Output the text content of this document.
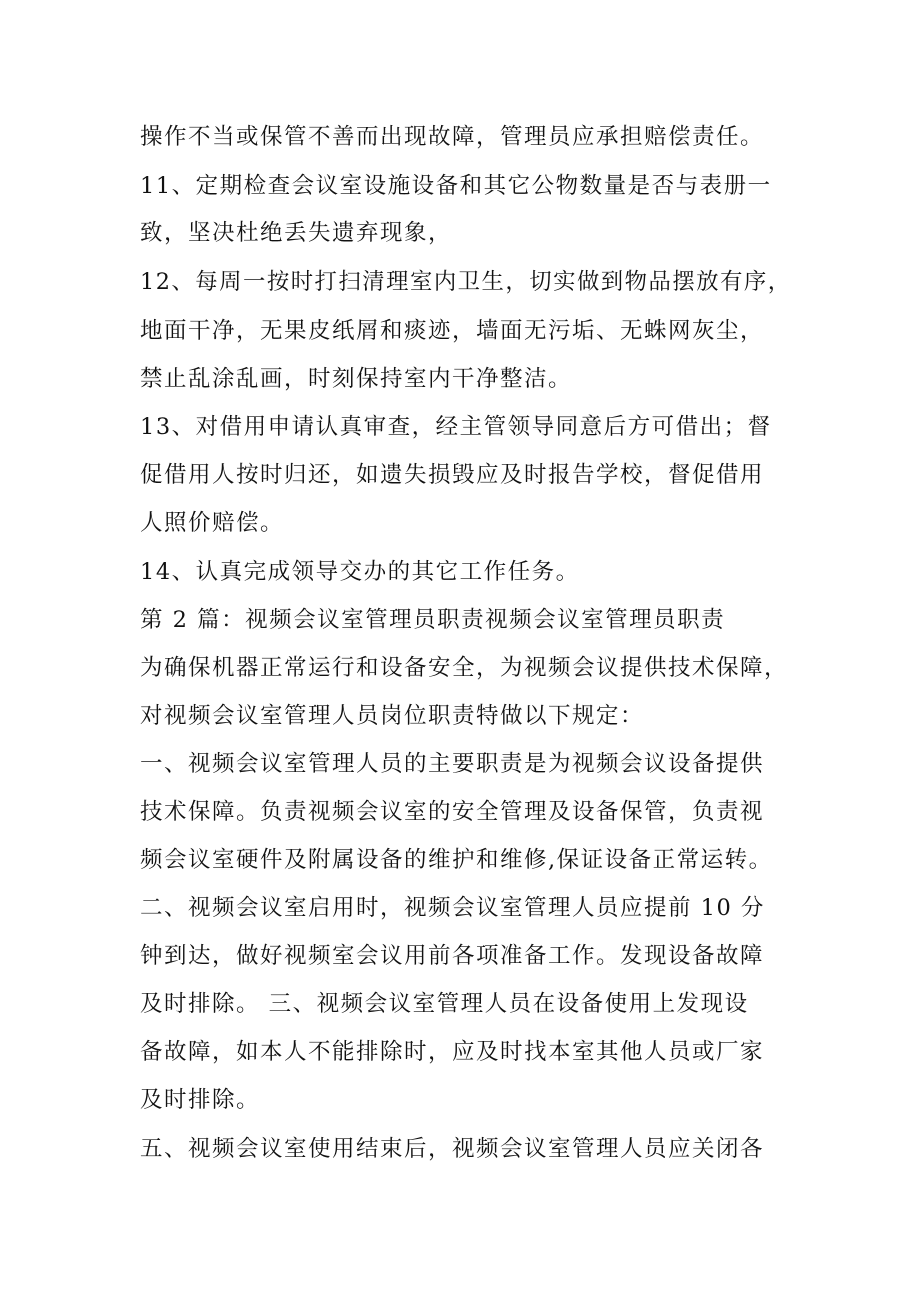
操作不当或保管不善而出现故障，管理员应承担赔偿责任。
11、定期检查会议室设施设备和其它公物数量是否与表册一
致，坚决杜绝丢失遗弃现象，
12、每周一按时打扫清理室内卫生，切实做到物品摆放有序，
地面干净，无果皮纸屑和痰迹，墙面无污垢、无蛛网灰尘，
禁止乱涂乱画，时刻保持室内干净整洁。
13、对借用申请认真审查，经主管领导同意后方可借出；督
促借用人按时归还，如遗失损毁应及时报告学校，督促借用
人照价赔偿。
14、认真完成领导交办的其它工作任务。
第 2 篇：视频会议室管理员职责视频会议室管理员职责
为确保机器正常运行和设备安全，为视频会议提供技术保障，
对视频会议室管理人员岗位职责特做以下规定：
一、视频会议室管理人员的主要职责是为视频会议设备提供
技术保障。负责视频会议室的安全管理及设备保管，负责视
频会议室硬件及附属设备的维护和维修,保证设备正常运转。
二、视频会议室启用时，视频会议室管理人员应提前 10 分
钟到达，做好视频室会议用前各项准备工作。发现设备故障
及时排除。 三、视频会议室管理人员在设备使用上发现设
备故障，如本人不能排除时，应及时找本室其他人员或厂家
及时排除。
五、视频会议室使用结束后，视频会议室管理人员应关闭各
